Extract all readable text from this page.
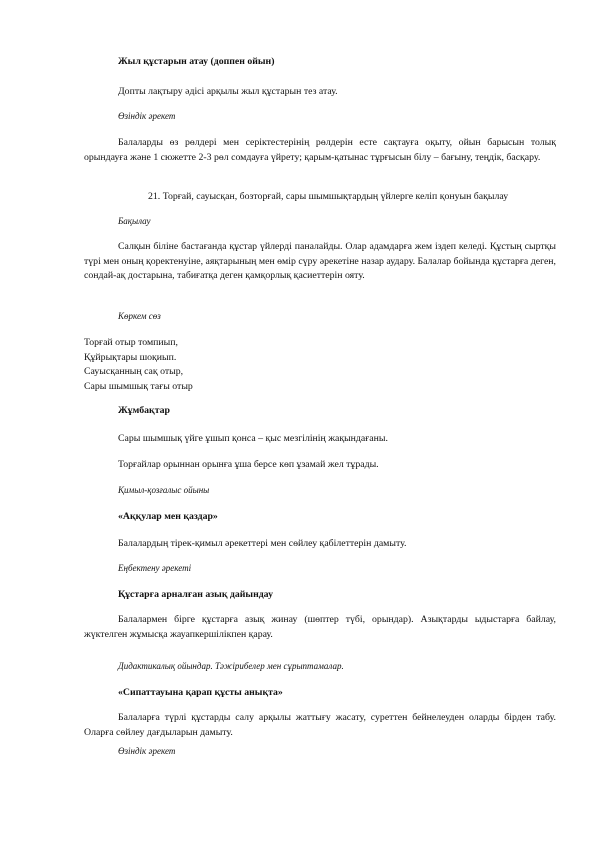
Жыл құстарын атау (доппен ойын)

Допты лақтыру әдісі арқылы жыл құстарын тез атау.

Өзіндік әрекет

Балаларды өз рөлдері мен серіктестерінің рөлдерін есте сақтауға оқыту, ойын барысын толық орындауға және 1 сюжетте 2-3 рөл сомдауға үйрету; қарым-қатынас тұрғысын білу – бағыну, теңдік, басқару.

21. Торғай, сауысқан, бозторғай, сары шымшықтардың үйлерге келіп қонуын бақылау

Бақылау

Салқын білінe бастағанда құстар үйлерді паналайды. Олар адамдарға жем іздеп келеді. Құстың сыртқы түрі мен оның қоректенуіне, аяқтарының мен өмір сүру әрекетіне назар аудару. Балалар бойында құстарға деген, сондай-ақ достарына, табиғатқа деген қамқорлық қасиеттерін ояту.

Көркем сөз

Торғай отыр томпиып,
Құйрықтары шоқиып.
Сауысқанның сақ отыр,
Сары шымшық тағы отыр

Жұмбақтар

Сары шымшық үйге ұшып қонса – қыс мезгілінің жақындағаны.

Торғайлар орыннан орынға ұша берсе көп ұзамай жел тұрады.

Қимыл-қозғалыс ойыны

«Аққулар мен қаздар»

Балалардың тірек-қимыл әрекеттері мен сөйлеу қабілеттерін дамыту.

Еңбектену әрекеті

Құстарға арналған азық дайындау

Балалармен бірге құстарға азық жинау (шөптер түбі, орындар). Азықтарды ыдыстарға байлау, жүктелген жұмысқа жауапкершілікпен қарау.

Дидактикалық ойындар. Тәжірибелер мен сұрыптамалар.

«Сипаттауына қарап құсты анықта»

Балаларға түрлі құстарды салу арқылы жаттығу жасату, суреттен бейнелеуден оларды бірден табу. Оларға сөйлеу дағдыларын дамыту.

Өзіндік әрекет
